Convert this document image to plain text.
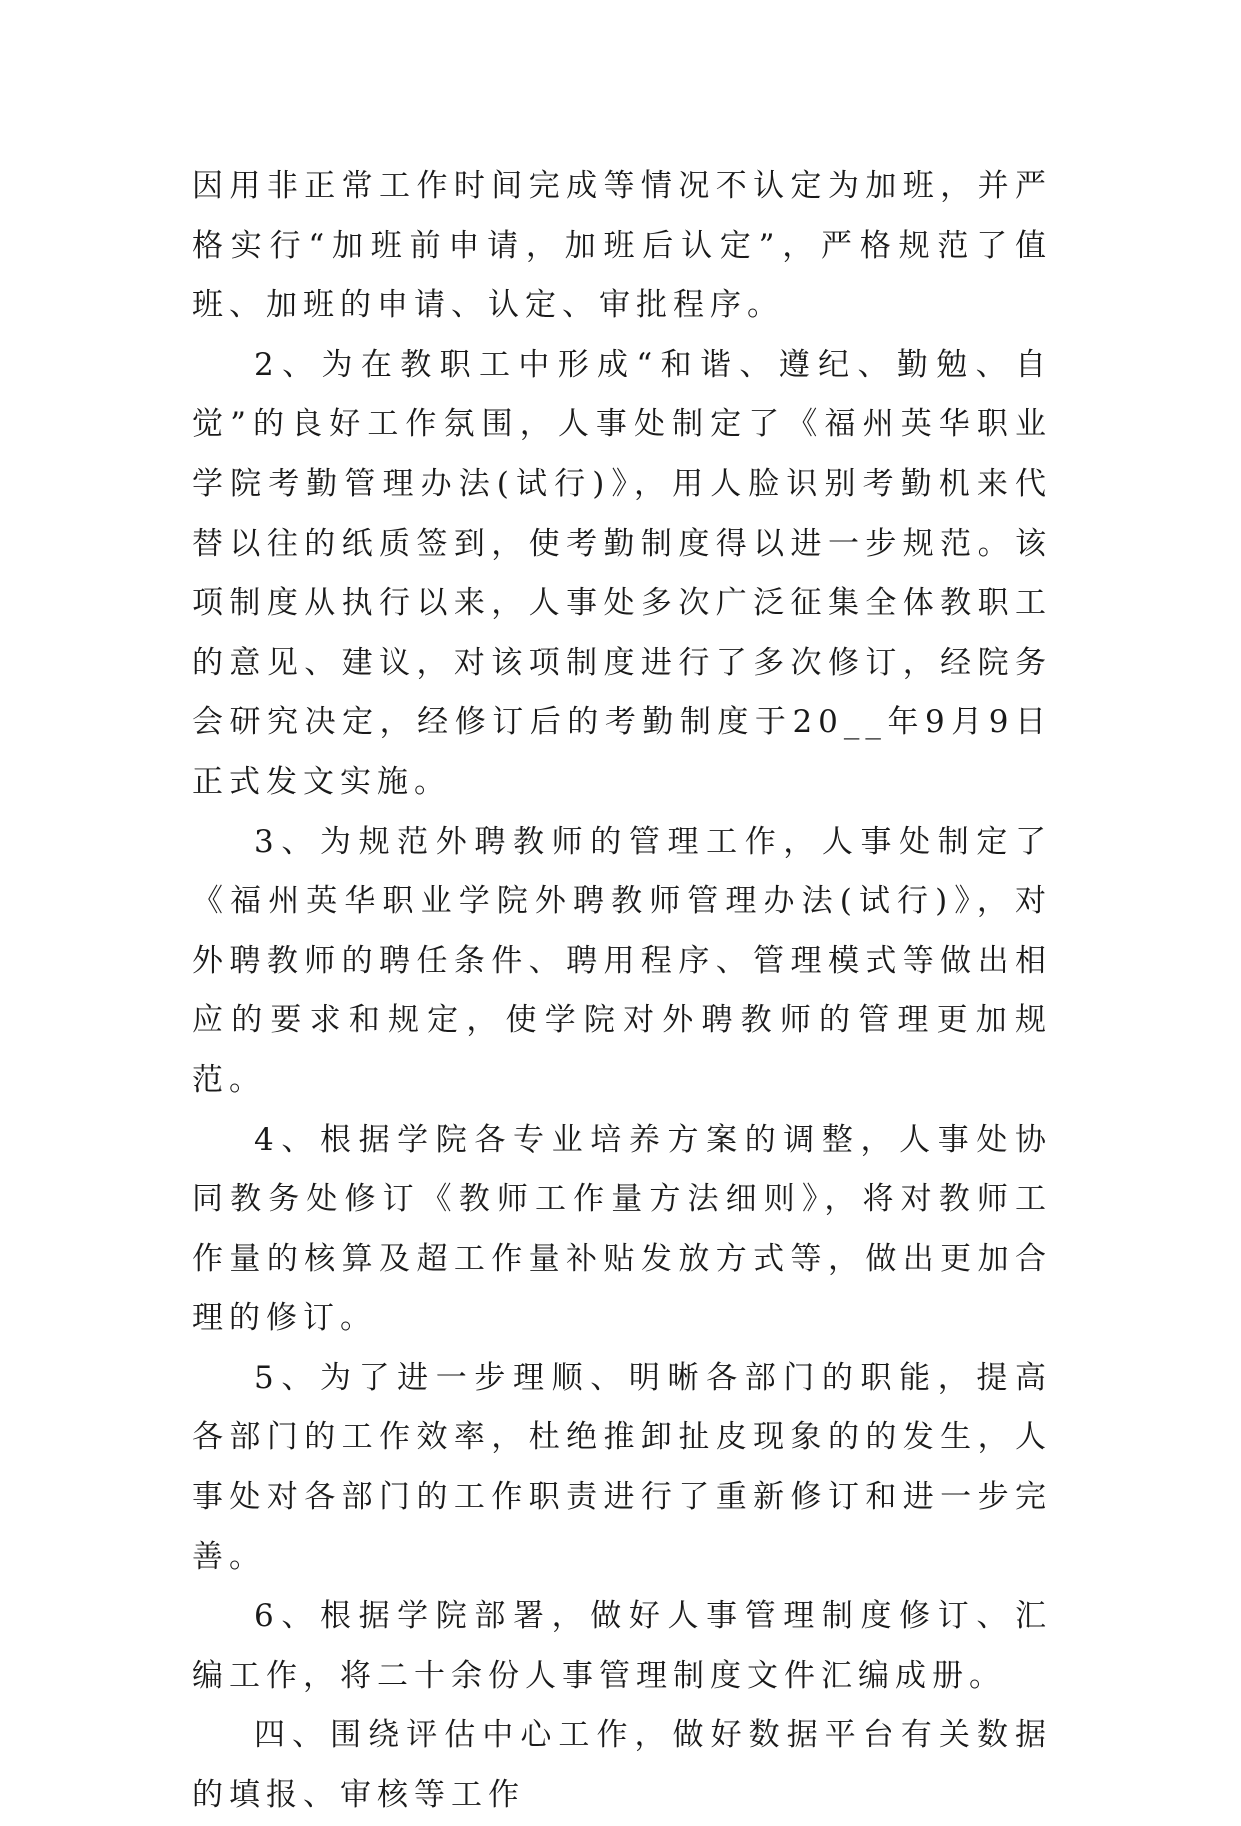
因用非正常工作时间完成等情况不认定为加班，并严格实行“加班前申请，加班后认定”，严格规范了值班、加班的申请、认定、审批程序。

2、为在教职工中形成“和谐、遵纪、勤勉、自觉”的良好工作氛围，人事处制定了《福州英华职业学院考勤管理办法(试行)》，用人脸识别考勤机来代替以往的纸质签到，使考勤制度得以进一步规范。该项制度从执行以来，人事处多次广泛征集全体教职工的意见、建议，对该项制度进行了多次修订，经院务会研究决定，经修订后的考勤制度于20__年9月9日正式发文实施。

3、为规范外聘教师的管理工作，人事处制定了《福州英华职业学院外聘教师管理办法(试行)》，对外聘教师的聘任条件、聘用程序、管理模式等做出相应的要求和规定，使学院对外聘教师的管理更加规范。

4、根据学院各专业培养方案的调整，人事处协同教务处修订《教师工作量方法细则》，将对教师工作量的核算及超工作量补贴发放方式等，做出更加合理的修订。

5、为了进一步理顺、明晰各部门的职能，提高各部门的工作效率，杜绝推卸扯皮现象的的发生，人事处对各部门的工作职责进行了重新修订和进一步完善。

6、根据学院部署，做好人事管理制度修订、汇编工作，将二十余份人事管理制度文件汇编成册。

四、围绕评估中心工作，做好数据平台有关数据的填报、审核等工作
